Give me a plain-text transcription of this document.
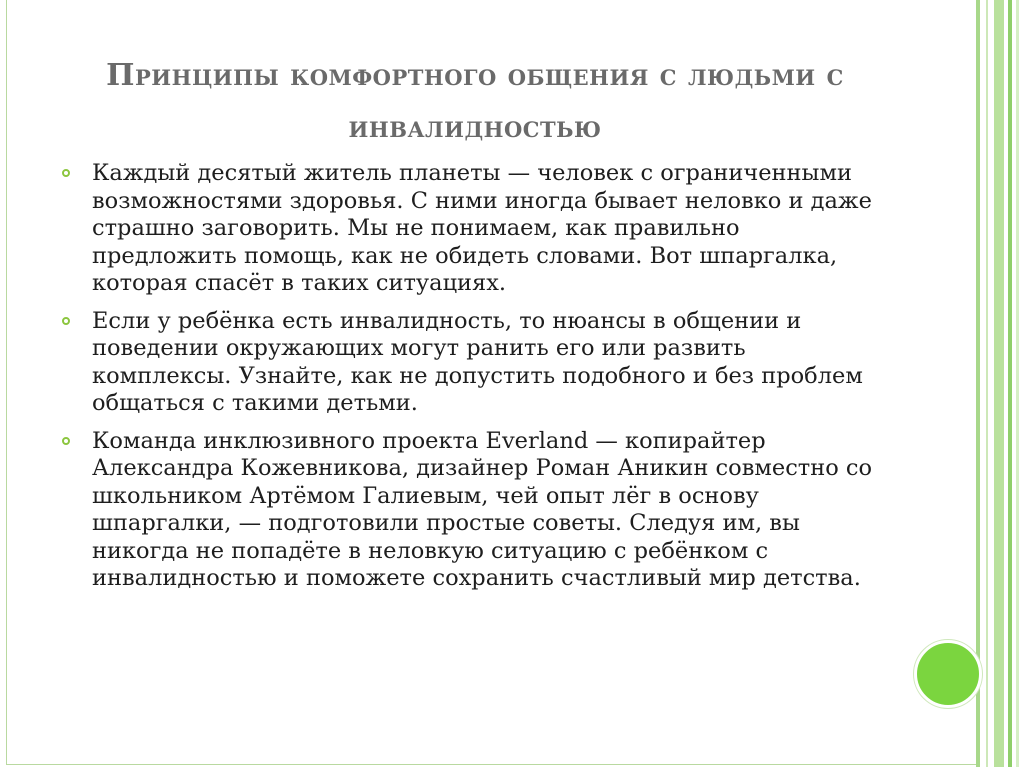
Принципы комфортного общения с людьми с инвалидностью
Каждый десятый житель планеты — человек с ограниченными возможностями здоровья. С ними иногда бывает неловко и даже страшно заговорить. Мы не понимаем, как правильно предложить помощь, как не обидеть словами. Вот шпаргалка, которая спасёт в таких ситуациях.
Если у ребёнка есть инвалидность, то нюансы в общении и поведении окружающих могут ранить его или развить комплексы. Узнайте, как не допустить подобного и без проблем общаться с такими детьми.
Команда инклюзивного проекта Everland — копирайтер Александра Кожевникова, дизайнер Роман Аникин совместно со школьником Артёмом Галиевым, чей опыт лёг в основу шпаргалки, — подготовили простые советы. Следуя им, вы никогда не попадёте в неловкую ситуацию с ребёнком с инвалидностью и поможете сохранить счастливый мир детства.
